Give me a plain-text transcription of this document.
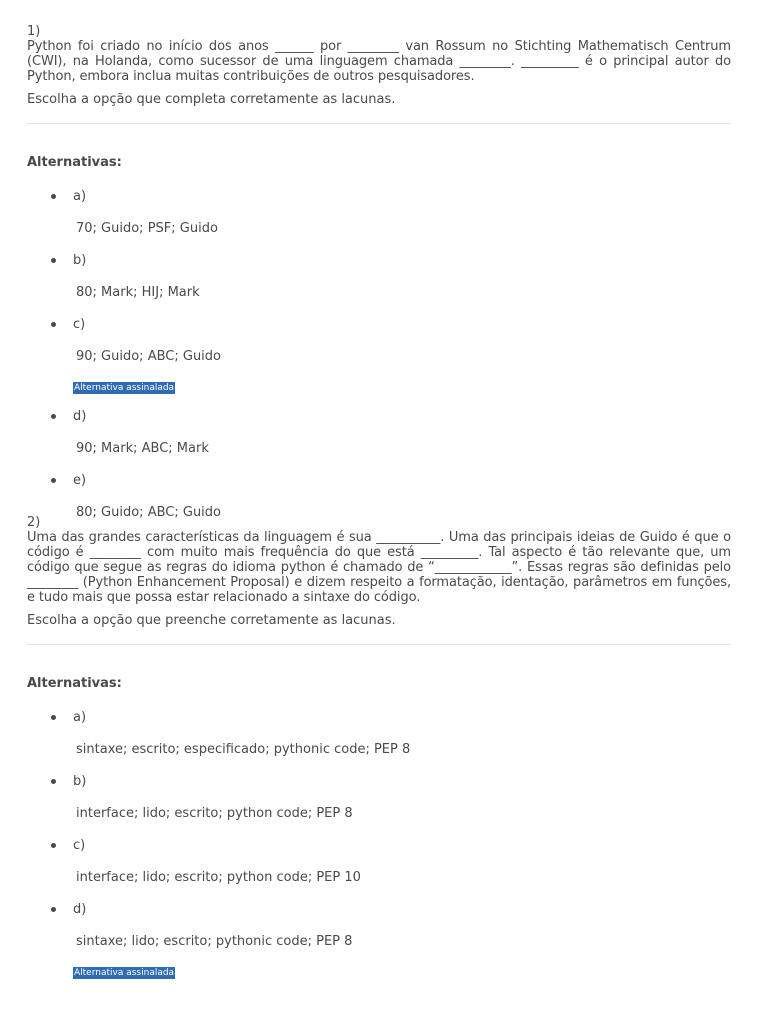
1)

Python foi criado no início dos anos ______ por ________ van Rossum no Stichting Mathematisch Centrum (CWI), na Holanda, como sucessor de uma linguagem chamada ________. _________ é o principal autor do Python, embora inclua muitas contribuições de outros pesquisadores.

Escolha a opção que completa corretamente as lacunas.

Alternativas:

a)
70; Guido; PSF; Guido
b)
80; Mark; HIJ; Mark
c)
90; Guido; ABC; Guido
Alternativa assinalada
d)
90; Mark; ABC; Mark
e)
80; Guido; ABC; Guido

2)

Uma das grandes características da linguagem é sua __________. Uma das principais ideias de Guido é que o código é ________ com muito mais frequência do que está _________. Tal aspecto é tão relevante que, um código que segue as regras do idioma python é chamado de “____________”. Essas regras são definidas pelo ________ (Python Enhancement Proposal) e dizem respeito a formatação, identação, parâmetros em funções, e tudo mais que possa estar relacionado a sintaxe do código.

Escolha a opção que preenche corretamente as lacunas.

Alternativas:

a)
sintaxe; escrito; especificado; pythonic code; PEP 8
b)
interface; lido; escrito; python code; PEP 8
c)
interface; lido; escrito; python code; PEP 10
d)
sintaxe; lido; escrito; pythonic code; PEP 8
Alternativa assinalada
